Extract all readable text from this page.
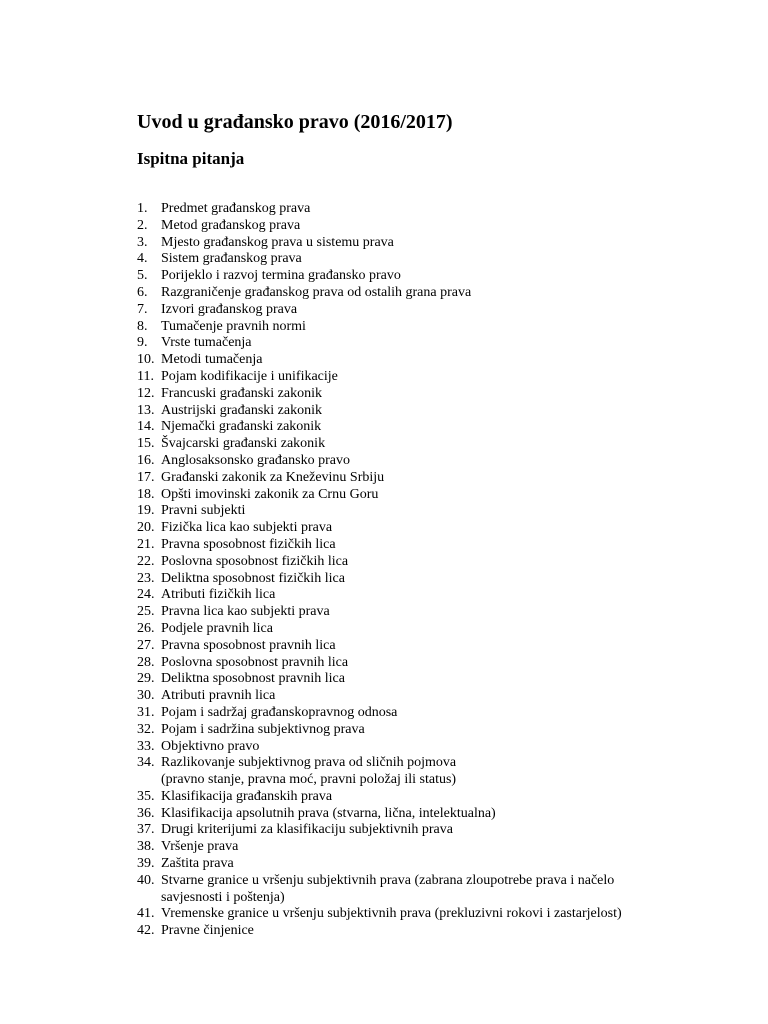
Uvod u građansko pravo (2016/2017)
Ispitna pitanja
1. Predmet građanskog prava
2. Metod građanskog prava
3. Mjesto građanskog prava u sistemu prava
4. Sistem građanskog prava
5. Porijeklo i razvoj termina građansko pravo
6. Razgraničenje građanskog prava od ostalih grana prava
7. Izvori građanskog prava
8. Tumačenje pravnih normi
9. Vrste tumačenja
10. Metodi tumačenja
11. Pojam kodifikacije i unifikacije
12. Francuski građanski zakonik
13. Austrijski građanski zakonik
14. Njemački građanski zakonik
15. Švajcarski građanski zakonik
16. Anglosaksonsko građansko pravo
17. Građanski zakonik za Kneževinu Srbiju
18. Opšti imovinski zakonik za Crnu Goru
19. Pravni subjekti
20. Fizička lica kao subjekti prava
21. Pravna sposobnost fizičkih lica
22. Poslovna sposobnost fizičkih lica
23. Deliktna sposobnost fizičkih lica
24. Atributi fizičkih lica
25. Pravna lica kao subjekti prava
26. Podjele pravnih lica
27. Pravna sposobnost pravnih lica
28. Poslovna sposobnost pravnih lica
29. Deliktna sposobnost pravnih lica
30. Atributi pravnih lica
31. Pojam i sadržaj građanskopravnog odnosa
32. Pojam i sadržina subjektivnog prava
33. Objektivno pravo
34. Razlikovanje subjektivnog prava od sličnih pojmova
(pravno stanje, pravna moć, pravni položaj ili status)
35. Klasifikacija građanskih prava
36. Klasifikacija apsolutnih prava (stvarna, lična, intelektualna)
37. Drugi kriterijumi za klasifikaciju subjektivnih prava
38. Vršenje prava
39. Zaštita prava
40. Stvarne granice u vršenju subjektivnih prava (zabrana zloupotrebe prava i načelo
savjesnosti i poštenja)
41. Vremenske granice u vršenju subjektivnih prava (prekluzivni rokovi i zastarjelost)
42. Pravne činjenice
